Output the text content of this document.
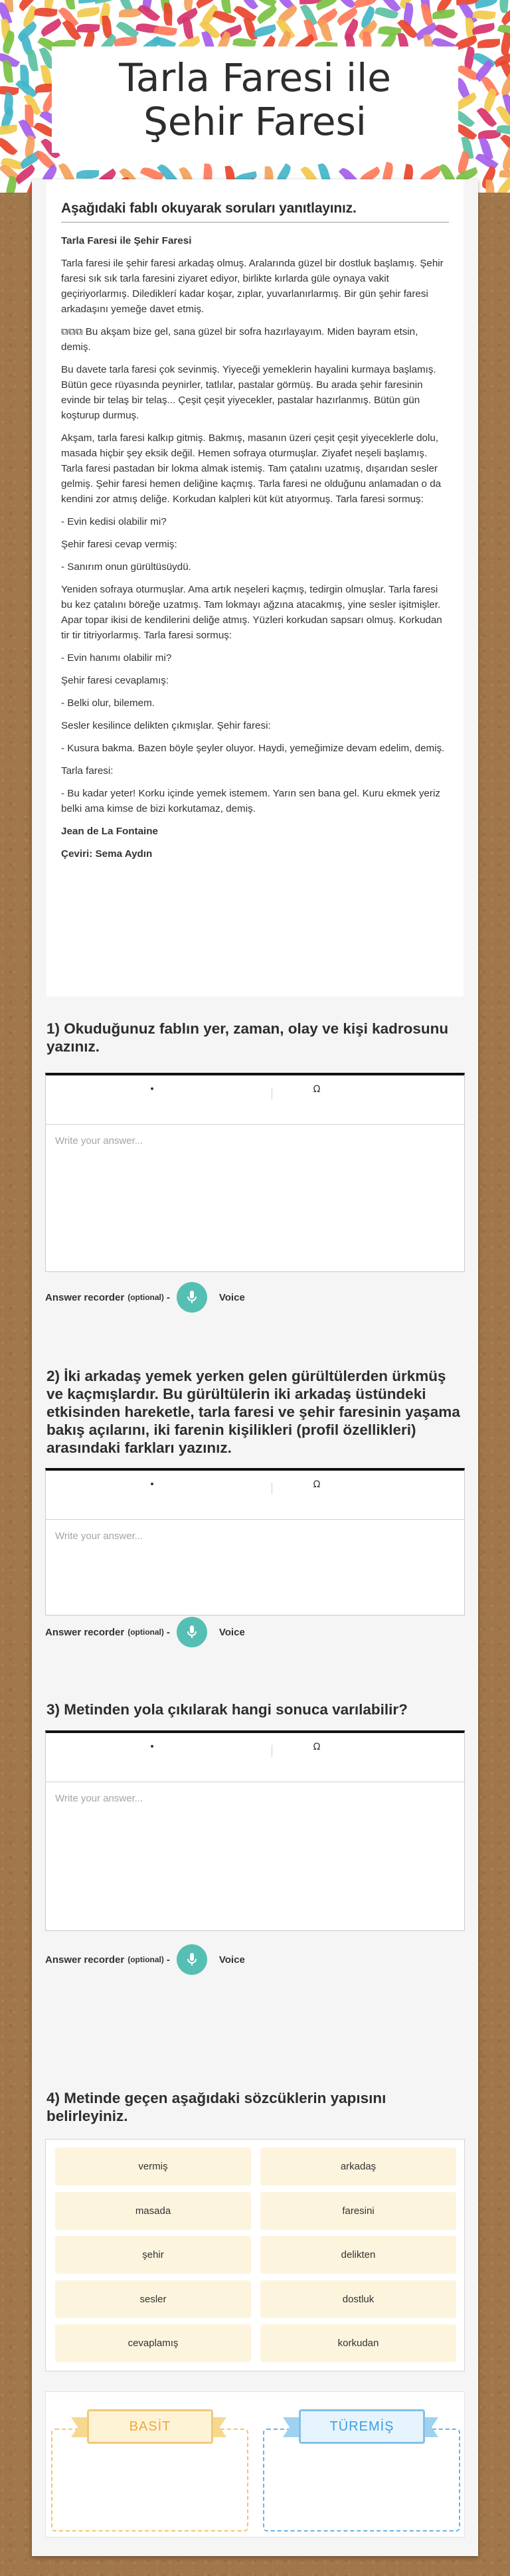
Tarla Faresi ile Şehir Faresi
Aşağıdaki fablı okuyarak soruları yanıtlayınız.

Tarla Faresi ile Şehir Faresi

Tarla faresi ile şehir faresi arkadaş olmuş. Aralarında güzel bir dostluk başlamış. Şehir faresi sık sık tarla faresini ziyaret ediyor, birlikte kırlarda güle oynaya vakit geçiriyorlarmış. Dilediklerí kadar koşar, zıplar, yuvarlanırlarmış. Bir gün şehir faresi arkadaşını yemeğe davet etmiş.

⧉⧉⧉ Bu akşam bize gel, sana güzel bir sofra hazırlayayım. Miden bayram etsin, demiş.

Bu davete tarla faresi çok sevinmiş. Yiyeceği yemeklerin hayalini kurmaya başlamış. Bütün gece rüyasında peynirler, tatlılar, pastalar görmüş. Bu arada şehir faresinin evinde bir telaş bir telaş... Çeşit çeşit yiyecekler, pastalar hazırlanmış. Bütün gün koşturup durmuş.

Akşam, tarla faresi kalkıp gitmiş. Bakmış, masanın üzeri çeşit çeşit yiyeceklerle dolu, masada hiçbir şey eksik değil. Hemen sofraya oturmuşlar. Ziyafet neşeli başlamış. Tarla faresi pastadan bir lokma almak istemiş. Tam çatalını uzatmış, dışarıdan sesler gelmiş. Şehir faresi hemen deliğine kaçmış. Tarla faresi ne olduğunu anlamadan o da kendini zor atmış deliğe. Korkudan kalpleri küt küt atıyormuş. Tarla faresi sormuş:

- Evin kedisi olabilir mi?

Şehir faresi cevap vermiş:

- Sanırım onun gürültüsüydü.

Yeniden sofraya oturmuşlar. Ama artık neşeleri kaçmış, tedirgin olmuşlar. Tarla faresi bu kez çatalını böreğe uzatmış. Tam lokmayı ağzına atacakmış, yine sesler işitmişler. Apar topar ikisi de kendilerini deliğe atmış. Yüzleri korkudan sapsarı olmuş. Korkudan tir tir titriyorlarmış. Tarla faresi sormuş:

- Evin hanımı olabilir mi?

Şehir faresi cevaplamış:

- Belki olur, bilemem.

Sesler kesilince delikten çıkmışlar. Şehir faresi:

- Kusura bakma. Bazen böyle şeyler oluyor. Haydi, yemeğimize devam edelim, demiş.

Tarla faresi:

- Bu kadar yeter! Korku içinde yemek istemem. Yarın sen bana gel. Kuru ekmek yeriz belki ama kimse de bizi korkutamaz, demiş.

Jean de La Fontaine

Çeviri: Sema Aydın

1) Okuduğunuz fablın yer, zaman, olay ve kişi kadrosunu yazınız.
•	Ω
Write your answer...
Answer recorder (optional) -	Voice
2) İki arkadaş yemek yerken gelen gürültülerden ürkmüş ve kaçmışlardır. Bu gürültülerin iki arkadaş üstündeki etkisinden hareketle, tarla faresi ve şehir faresinin yaşama bakış açılarını, iki farenin kişilikleri (profil özellikleri) arasındaki farkları yazınız.
•	Ω
Write your answer...
Answer recorder (optional) -	Voice
3) Metinden yola çıkılarak hangi sonuca varılabilir?
•	Ω
Write your answer...
Answer recorder (optional) -	Voice
4) Metinde geçen aşağıdaki sözcüklerin yapısını belirleyiniz.
vermiş	arkadaş
masada	faresini
şehir	delikten
sesler	dostluk
cevaplamış	korkudan
BASİT	TÜREMİŞ
